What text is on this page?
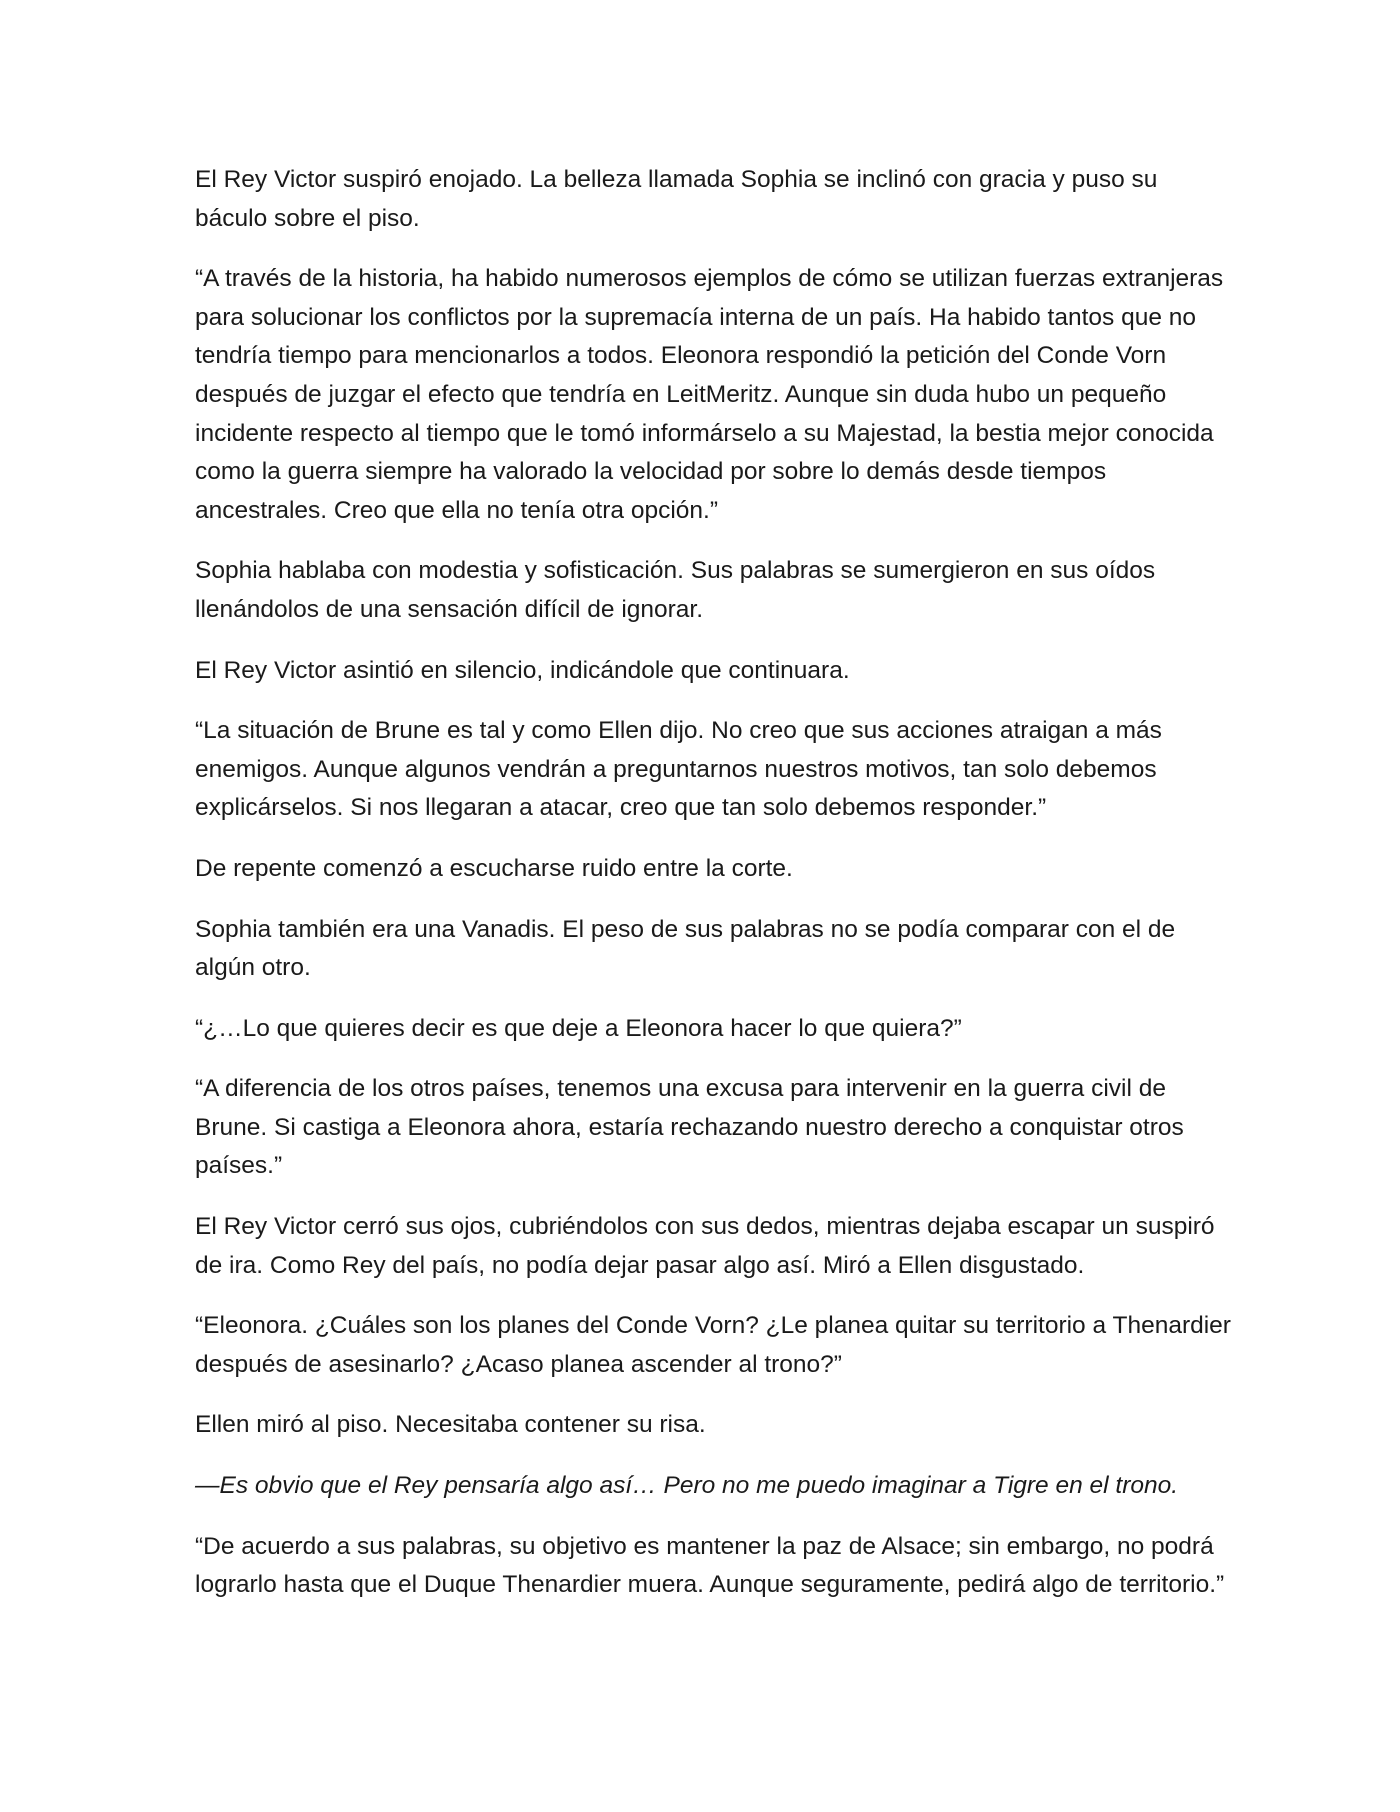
El Rey Victor suspiró enojado. La belleza llamada Sophia se inclinó con gracia y puso su báculo sobre el piso.

“A través de la historia, ha habido numerosos ejemplos de cómo se utilizan fuerzas extranjeras para solucionar los conflictos por la supremacía interna de un país. Ha habido tantos que no tendría tiempo para mencionarlos a todos. Eleonora respondió la petición del Conde Vorn después de juzgar el efecto que tendría en LeitMeritz. Aunque sin duda hubo un pequeño incidente respecto al tiempo que le tomó informárselo a su Majestad, la bestia mejor conocida como la guerra siempre ha valorado la velocidad por sobre lo demás desde tiempos ancestrales. Creo que ella no tenía otra opción.”

Sophia hablaba con modestia y sofisticación. Sus palabras se sumergieron en sus oídos llenándolos de una sensación difícil de ignorar.

El Rey Victor asintió en silencio, indicándole que continuara.

“La situación de Brune es tal y como Ellen dijo. No creo que sus acciones atraigan a más enemigos. Aunque algunos vendrán a preguntarnos nuestros motivos, tan solo debemos explicárselos. Si nos llegaran a atacar, creo que tan solo debemos responder.”

De repente comenzó a escucharse ruido entre la corte.

Sophia también era una Vanadis. El peso de sus palabras no se podía comparar con el de algún otro.

“¿…Lo que quieres decir es que deje a Eleonora hacer lo que quiera?”

“A diferencia de los otros países, tenemos una excusa para intervenir en la guerra civil de Brune. Si castiga a Eleonora ahora, estaría rechazando nuestro derecho a conquistar otros países.”

El Rey Victor cerró sus ojos, cubriéndolos con sus dedos, mientras dejaba escapar un suspiró de ira. Como Rey del país, no podía dejar pasar algo así. Miró a Ellen disgustado.

“Eleonora. ¿Cuáles son los planes del Conde Vorn? ¿Le planea quitar su territorio a Thenardier después de asesinarlo? ¿Acaso planea ascender al trono?”

Ellen miró al piso. Necesitaba contener su risa.

—Es obvio que el Rey pensaría algo así… Pero no me puedo imaginar a Tigre en el trono.

“De acuerdo a sus palabras, su objetivo es mantener la paz de Alsace; sin embargo, no podrá lograrlo hasta que el Duque Thenardier muera. Aunque seguramente, pedirá algo de territorio.”
